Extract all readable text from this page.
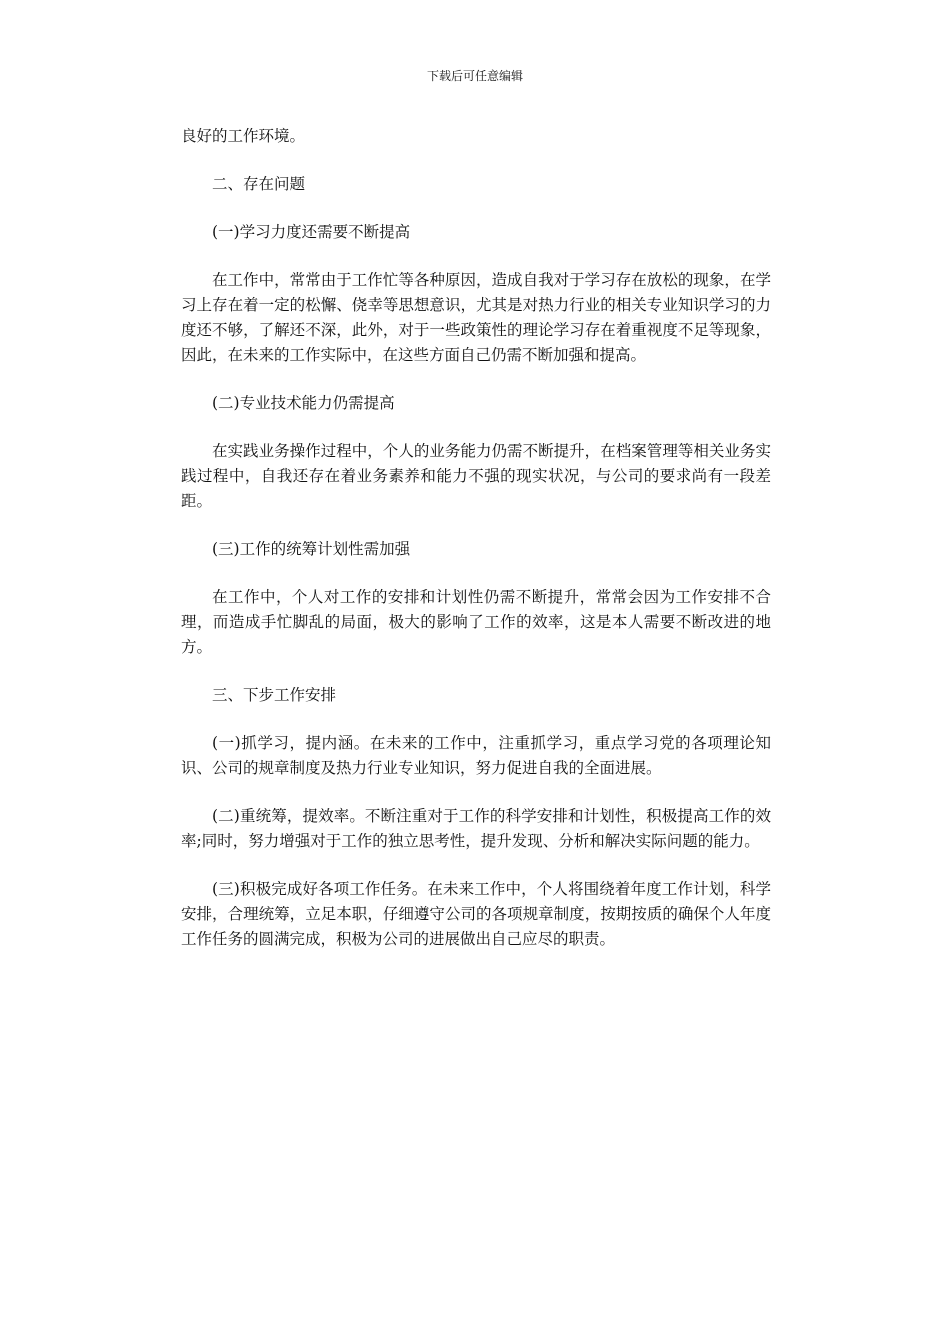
下载后可任意编辑

良好的工作环境。

二、存在问题

(一)学习力度还需要不断提高

在工作中，常常由于工作忙等各种原因，造成自我对于学习存在放松的现象，在学习上存在着一定的松懈、侥幸等思想意识，尤其是对热力行业的相关专业知识学习的力度还不够，了解还不深，此外，对于一些政策性的理论学习存在着重视度不足等现象，因此，在未来的工作实际中，在这些方面自己仍需不断加强和提高。

(二)专业技术能力仍需提高

在实践业务操作过程中，个人的业务能力仍需不断提升，在档案管理等相关业务实践过程中，自我还存在着业务素养和能力不强的现实状况，与公司的要求尚有一段差距。

(三)工作的统筹计划性需加强

在工作中，个人对工作的安排和计划性仍需不断提升，常常会因为工作安排不合理，而造成手忙脚乱的局面，极大的影响了工作的效率，这是本人需要不断改进的地方。

三、下步工作安排

(一)抓学习，提内涵。在未来的工作中，注重抓学习，重点学习党的各项理论知识、公司的规章制度及热力行业专业知识，努力促进自我的全面进展。

(二)重统筹，提效率。不断注重对于工作的科学安排和计划性，积极提高工作的效率;同时，努力增强对于工作的独立思考性，提升发现、分析和解决实际问题的能力。

(三)积极完成好各项工作任务。在未来工作中，个人将围绕着年度工作计划，科学安排，合理统筹，立足本职，仔细遵守公司的各项规章制度，按期按质的确保个人年度工作任务的圆满完成，积极为公司的进展做出自己应尽的职责。
